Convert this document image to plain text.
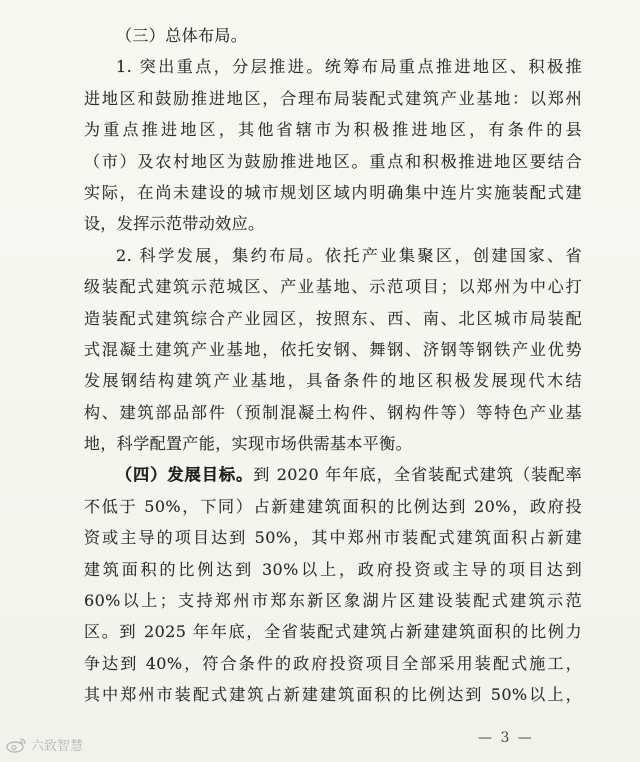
（三）总体布局。
1. 突出重点，分层推进。统筹布局重点推进地区、积极推
进地区和鼓励推进地区，合理布局装配式建筑产业基地：以郑州
为重点推进地区，其他省辖市为积极推进地区，有条件的县
（市）及农村地区为鼓励推进地区。重点和积极推进地区要结合
实际，在尚未建设的城市规划区域内明确集中连片实施装配式建
设，发挥示范带动效应。
2. 科学发展，集约布局。依托产业集聚区，创建国家、省
级装配式建筑示范城区、产业基地、示范项目；以郑州为中心打
造装配式建筑综合产业园区，按照东、西、南、北区城市局装配
式混凝土建筑产业基地，依托安钢、舞钢、济钢等钢铁产业优势
发展钢结构建筑产业基地，具备条件的地区积极发展现代木结
构、建筑部品部件（预制混凝土构件、钢构件等）等特色产业基
地，科学配置产能，实现市场供需基本平衡。
（四）发展目标。到 2020 年年底，全省装配式建筑（装配率
不低于 50%，下同）占新建建筑面积的比例达到 20%，政府投
资或主导的项目达到 50%，其中郑州市装配式建筑面积占新建
建筑面积的比例达到 30%以上，政府投资或主导的项目达到
60%以上；支持郑州市郑东新区象湖片区建设装配式建筑示范
区。到 2025 年年底，全省装配式建筑占新建建筑面积的比例力
争达到 40%，符合条件的政府投资项目全部采用装配式施工，
其中郑州市装配式建筑占新建建筑面积的比例达到 50%以上，
— 3 —
六致智慧
